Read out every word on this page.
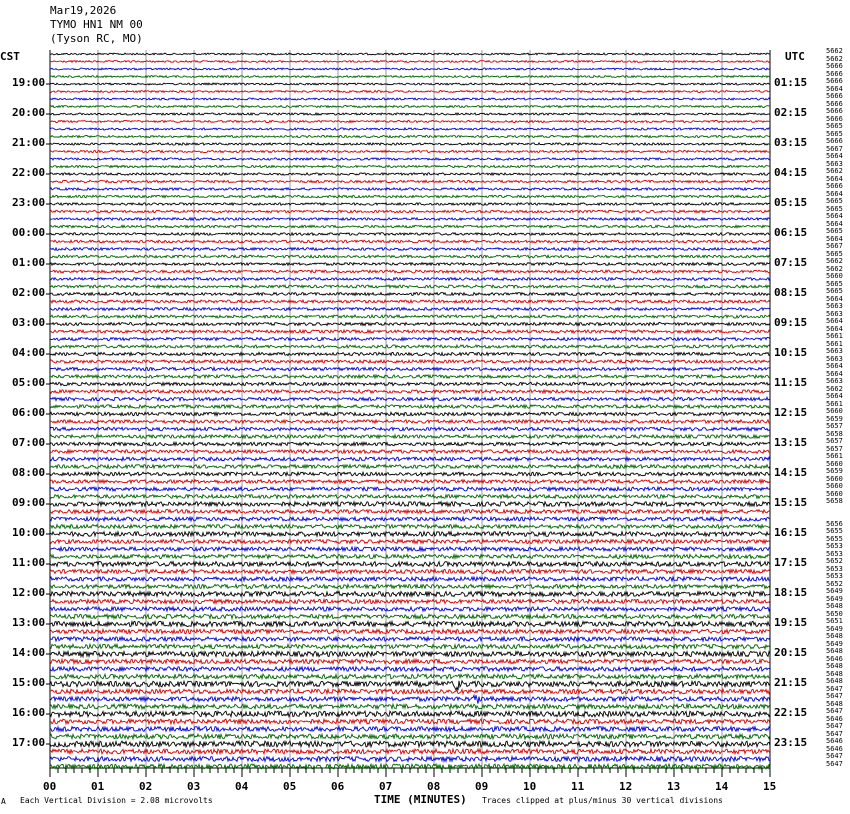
Mar19,2026
TYMO HN1 NM 00
(Tyson RC, MO)
CST	UTC
TIME (MINUTES)
A Each Vertical Division = 2.08 microvolts	Traces clipped at plus/minus 30 vertical divisions
5662
5662
5666
5666
5666
5664
5666
5666
5666
5666
5665
5665
5666
5667
5664
5663
5662
5664
5666
5664
5665
5665
5664
5664
5665
5664
5667
5665
5662
5662
5660
5665
5665
5664
5663
5663
5664
5664
5661
5661
5663
5663
5664
5664
5663
5662
5664
5661
5660
5659
5657
5658
5657
5657
5661
5660
5659
5660
5660
5660
5658
5656
5655
5655
5653
5653
5652
5653
5653
5652
5649
5649
5648
5650
5651
5649
5648
5649
5648
5646
5648
5648
5648
5647
5647
5648
5647
5646
5647
5647
5646
5646
5647
5647
19:00
20:00
21:00
22:00
23:00
00:00
01:00
02:00
03:00
04:00
05:00
06:00
07:00
08:00
09:00
10:00
11:00
12:00
13:00
14:00
15:00
16:00
17:00
01:15
02:15
03:15
04:15
05:15
06:15
07:15
08:15
09:15
10:15
11:15
12:15
13:15
14:15
15:15
16:15
17:15
18:15
19:15
20:15
21:15
22:15
23:15
00	01	02	03	04	05	06	07	08	09	10	11	12	13	14	15
